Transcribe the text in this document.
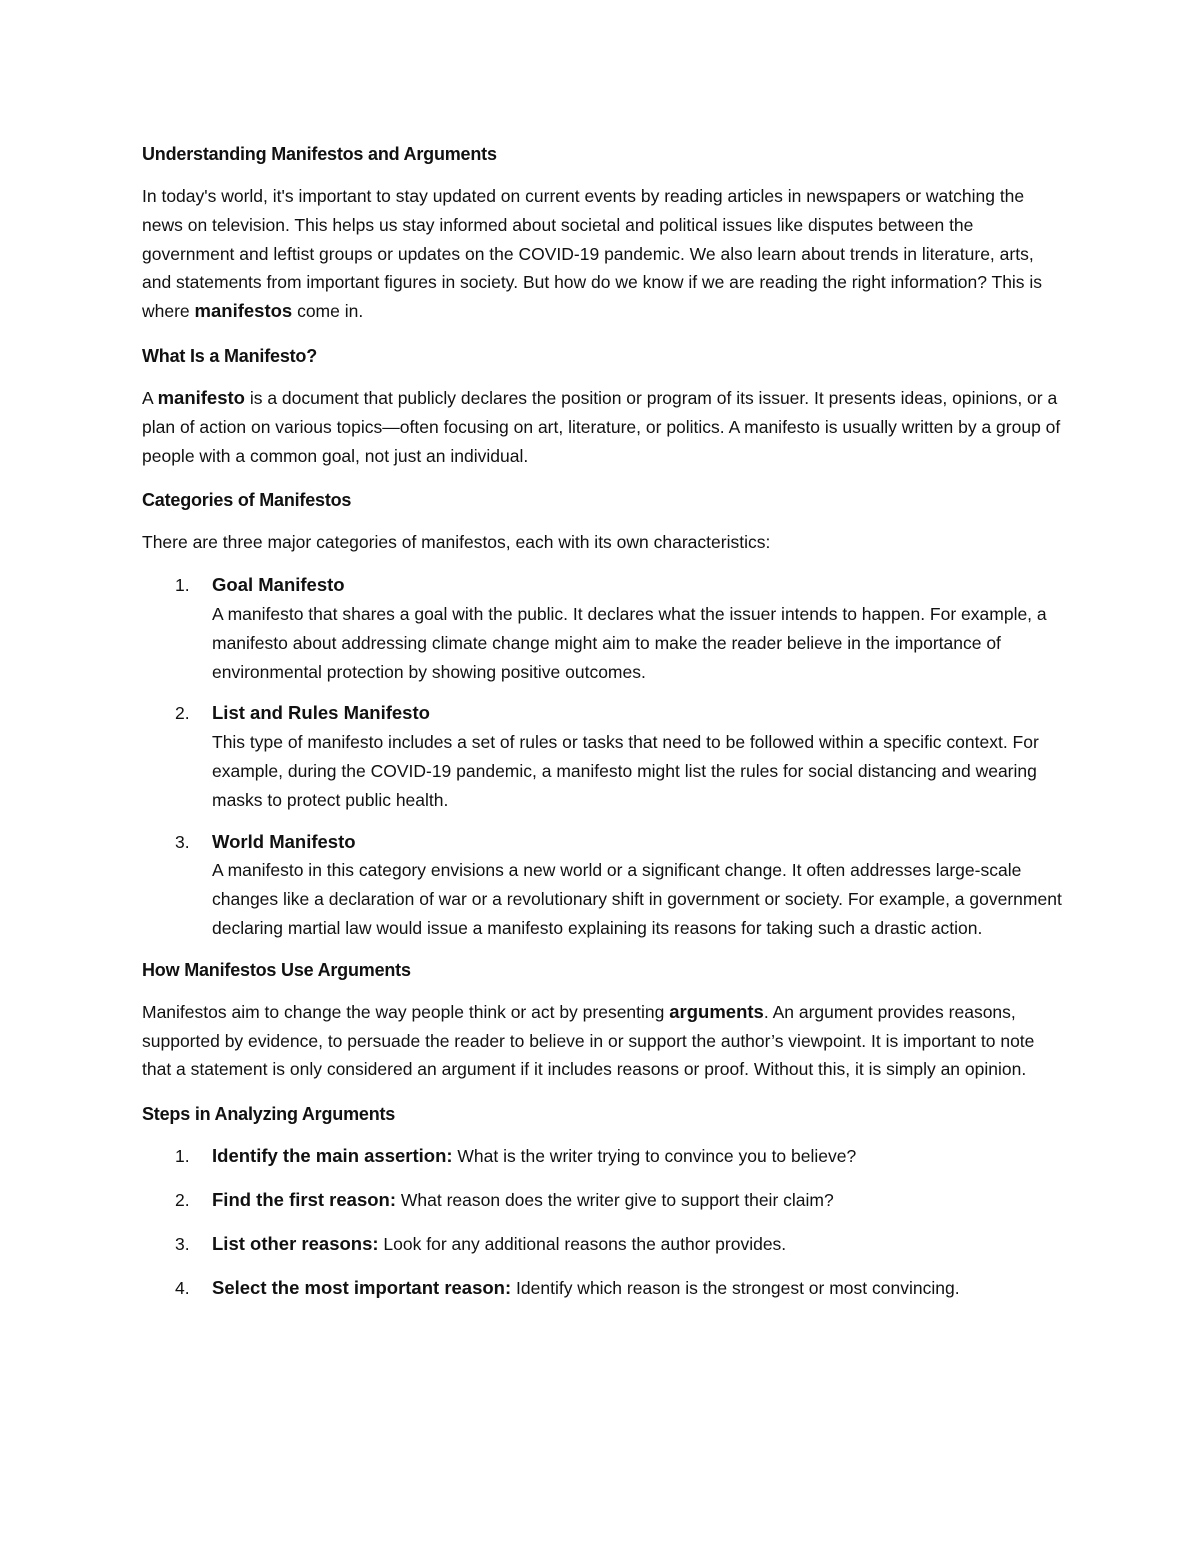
Understanding Manifestos and Arguments

In today's world, it's important to stay updated on current events by reading articles in newspapers or watching the news on television. This helps us stay informed about societal and political issues like disputes between the government and leftist groups or updates on the COVID-19 pandemic. We also learn about trends in literature, arts, and statements from important figures in society. But how do we know if we are reading the right information? This is where manifestos come in.

What Is a Manifesto?

A manifesto is a document that publicly declares the position or program of its issuer. It presents ideas, opinions, or a plan of action on various topics—often focusing on art, literature, or politics. A manifesto is usually written by a group of people with a common goal, not just an individual.

Categories of Manifestos

There are three major categories of manifestos, each with its own characteristics:

1. Goal Manifesto
A manifesto that shares a goal with the public. It declares what the issuer intends to happen. For example, a manifesto about addressing climate change might aim to make the reader believe in the importance of environmental protection by showing positive outcomes.
2. List and Rules Manifesto
This type of manifesto includes a set of rules or tasks that need to be followed within a specific context. For example, during the COVID-19 pandemic, a manifesto might list the rules for social distancing and wearing masks to protect public health.
3. World Manifesto
A manifesto in this category envisions a new world or a significant change. It often addresses large-scale changes like a declaration of war or a revolutionary shift in government or society. For example, a government declaring martial law would issue a manifesto explaining its reasons for taking such a drastic action.
How Manifestos Use Arguments

Manifestos aim to change the way people think or act by presenting arguments. An argument provides reasons, supported by evidence, to persuade the reader to believe in or support the author’s viewpoint. It is important to note that a statement is only considered an argument if it includes reasons or proof. Without this, it is simply an opinion.

Steps in Analyzing Arguments
1. Identify the main assertion: What is the writer trying to convince you to believe?
2. Find the first reason: What reason does the writer give to support their claim?
3. List other reasons: Look for any additional reasons the author provides.
4. Select the most important reason: Identify which reason is the strongest or most convincing.
